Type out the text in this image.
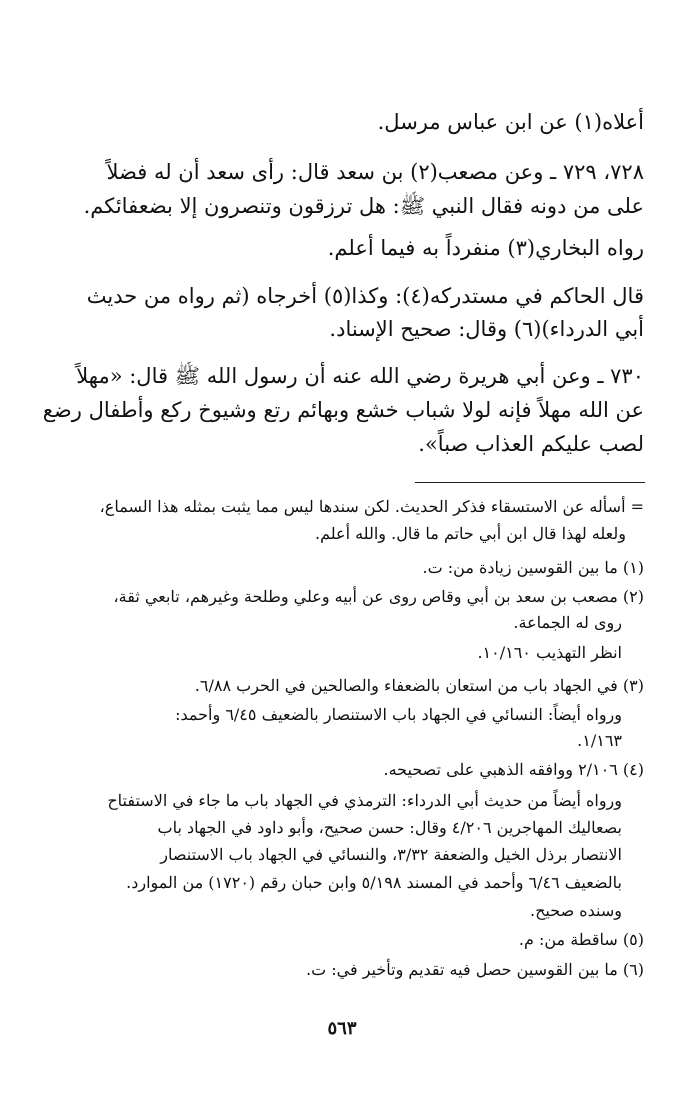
أعلاه(١) عن ابن عباس مرسل.
٧٢٨، ٧٢٩ ـ وعن مصعب(٢) بن سعد قال: رأى سعد أن له فضلاً
على من دونه فقال النبي ﷺ: هل ترزقون وتنصرون إلا بضعفائكم.
رواه البخاري(٣) منفرداً به فيما أعلم.
قال الحاكم في مستدركه(٤): وكذا(٥) أخرجاه (ثم رواه من حديث
أبي الدرداء)(٦) وقال: صحيح الإسناد.
٧٣٠ ـ وعن أبي هريرة رضي الله عنه أن رسول الله ﷺ قال: «مهلاً
عن الله مهلاً فإنه لولا شباب خشع وبهائم رتع وشيوخ ركع وأطفال رضع
لصب عليكم العذاب صباً».
= أسأله عن الاستسقاء فذكر الحديث. لكن سندها ليس مما يثبت بمثله هذا السماع،
ولعله لهذا قال ابن أبي حاتم ما قال. والله أعلم.
(١) ما بين القوسين زيادة من: ت.
(٢) مصعب بن سعد بن أبي وقاص روى عن أبيه وعلي وطلحة وغيرهم، تابعي ثقة،
روى له الجماعة.
انظر التهذيب ١٠/١٦٠.
(٣) في الجهاد باب من استعان بالضعفاء والصالحين في الحرب ٦/٨٨.
ورواه أيضاً: النسائي في الجهاد باب الاستنصار بالضعيف ٦/٤٥ وأحمد:
١/١٦٣.
(٤) ٢/١٠٦ ووافقه الذهبي على تصحيحه.
ورواه أيضاً من حديث أبي الدرداء: الترمذي في الجهاد باب ما جاء في الاستفتاح
بصعاليك المهاجرين ٤/٢٠٦ وقال: حسن صحيح، وأبو داود في الجهاد باب
الانتصار برذل الخيل والضعفة ٣/٣٢، والنسائي في الجهاد باب الاستنصار
بالضعيف ٦/٤٦ وأحمد في المسند ٥/١٩٨ وابن حبان رقم (١٧٢٠) من الموارد.
وسنده صحيح.
(٥) ساقطة من: م.
(٦) ما بين القوسين حصل فيه تقديم وتأخير في: ت.
٥٦٣
